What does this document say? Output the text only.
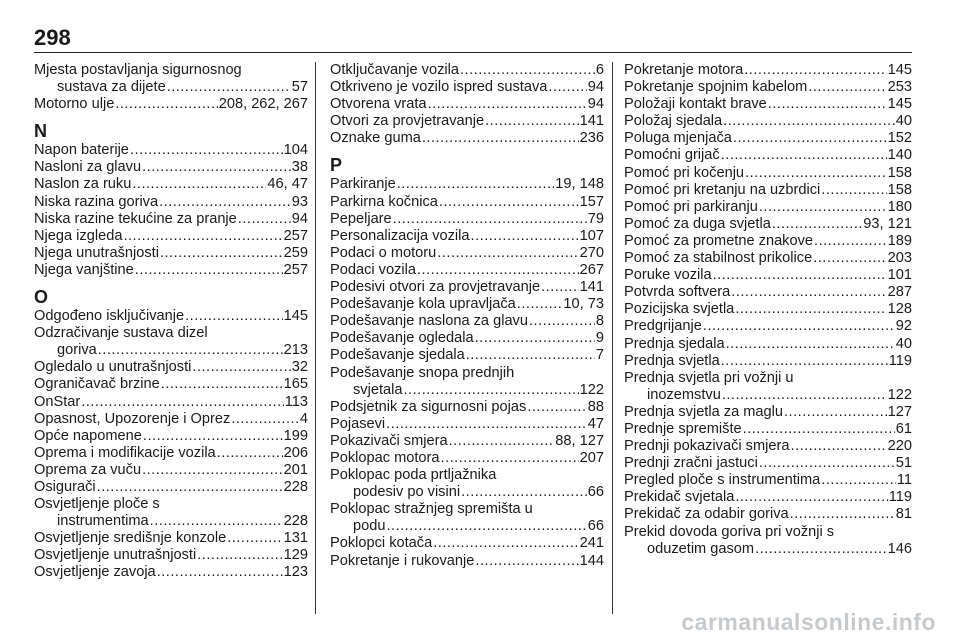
298
Mjesta postavljanja sigurnosnog
sustava za dijete .....	57
Motorno ulje .....	208, 262, 267
N
Napon baterije .....	104
Nasloni za glavu .....	38
Naslon za ruku .....	46, 47
Niska razina goriva .....	93
Niska razine tekućine za pranje .....	94
Njega izgleda .....	257
Njega unutrašnjosti .....	259
Njega vanjštine .....	257
O
Odgođeno isključivanje .....	145
Odzračivanje sustava dizel
goriva .....	213
Ogledalo u unutrašnjosti .....	32
Ograničavač brzine .....	165
OnStar .....	113
Opasnost, Upozorenje i Oprez .....	4
Opće napomene .....	199
Oprema i modifikacije vozila .....	206
Oprema za vuču .....	201
Osigurači .....	228
Osvjetljenje ploče s
instrumentima .....	228
Osvjetljenje središnje konzole .....	131
Osvjetljenje unutrašnjosti .....	129
Osvjetljenje zavoja .....	123
Otključavanje vozila .....	6
Otkriveno je vozilo ispred sustava .....	94
Otvorena vrata .....	94
Otvori za provjetravanje .....	141
Oznake guma .....	236
P
Parkiranje .....	19, 148
Parkirna kočnica .....	157
Pepeljare .....	79
Personalizacija vozila .....	107
Podaci o motoru .....	270
Podaci vozila .....	267
Podesivi otvori za provjetravanje .....	141
Podešavanje kola upravljača .....	10, 73
Podešavanje naslona za glavu .....	8
Podešavanje ogledala .....	9
Podešavanje sjedala .....	7
Podešavanje snopa prednjih
svjetala .....	122
Podsjetnik za sigurnosni pojas .....	88
Pojasevi .....	47
Pokazivači smjera .....	88, 127
Poklopac motora .....	207
Poklopac poda prtljažnika
podesiv po visini .....	66
Poklopac stražnjeg spremišta u
podu .....	66
Poklopci kotača .....	241
Pokretanje i rukovanje .....	144
Pokretanje motora .....	145
Pokretanje spojnim kabelom .....	253
Položaji kontakt brave .....	145
Položaj sjedala .....	40
Poluga mjenjača .....	152
Pomoćni grijač .....	140
Pomoć pri kočenju .....	158
Pomoć pri kretanju na uzbrdici .....	158
Pomoć pri parkiranju .....	180
Pomoć za duga svjetla .....	93, 121
Pomoć za prometne znakove .....	189
Pomoć za stabilnost prikolice .....	203
Poruke vozila .....	101
Potvrda softvera .....	287
Pozicijska svjetla .....	128
Predgrijanje .....	92
Prednja sjedala .....	40
Prednja svjetla .....	119
Prednja svjetla pri vožnji u
inozemstvu .....	122
Prednja svjetla za maglu .....	127
Prednje spremište .....	61
Prednji pokazivači smjera .....	220
Prednji zračni jastuci .....	51
Pregled ploče s instrumentima .....	11
Prekidač svjetala .....	119
Prekidač za odabir goriva .....	81
Prekid dovoda goriva pri vožnji s
oduzetim gasom .....	146
carmanualsonline.info
